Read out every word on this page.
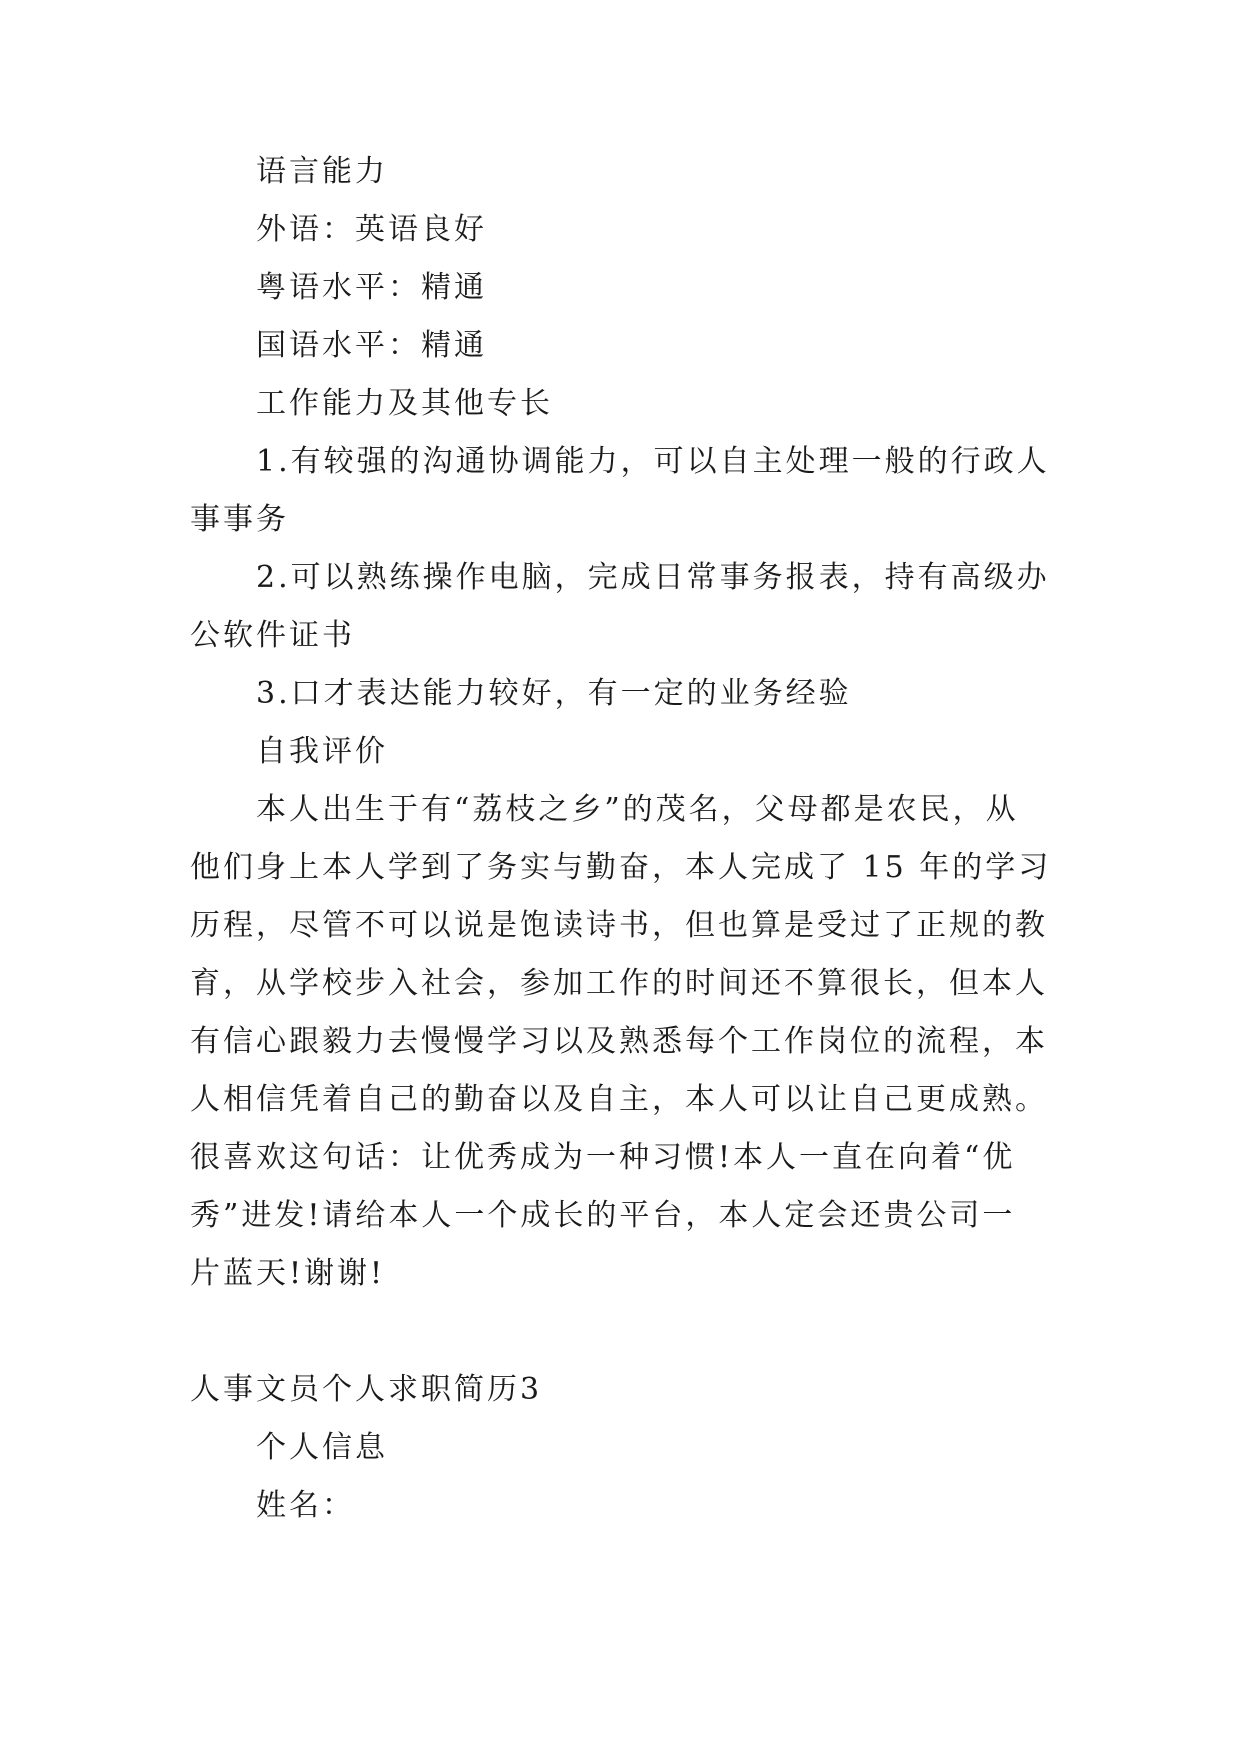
语言能力
外语：英语良好
粤语水平：精通
国语水平：精通
工作能力及其他专长
1.有较强的沟通协调能力，可以自主处理一般的行政人
事事务
2.可以熟练操作电脑，完成日常事务报表，持有高级办
公软件证书
3.口才表达能力较好，有一定的业务经验
自我评价
本人出生于有“荔枝之乡”的茂名，父母都是农民，从
他们身上本人学到了务实与勤奋，本人完成了 15 年的学习
历程，尽管不可以说是饱读诗书，但也算是受过了正规的教
育，从学校步入社会，参加工作的时间还不算很长，但本人
有信心跟毅力去慢慢学习以及熟悉每个工作岗位的流程，本
人相信凭着自己的勤奋以及自主，本人可以让自己更成熟。
很喜欢这句话：让优秀成为一种习惯!本人一直在向着“优
秀”进发!请给本人一个成长的平台，本人定会还贵公司一
片蓝天!谢谢!
人事文员个人求职简历3
个人信息
姓名：
